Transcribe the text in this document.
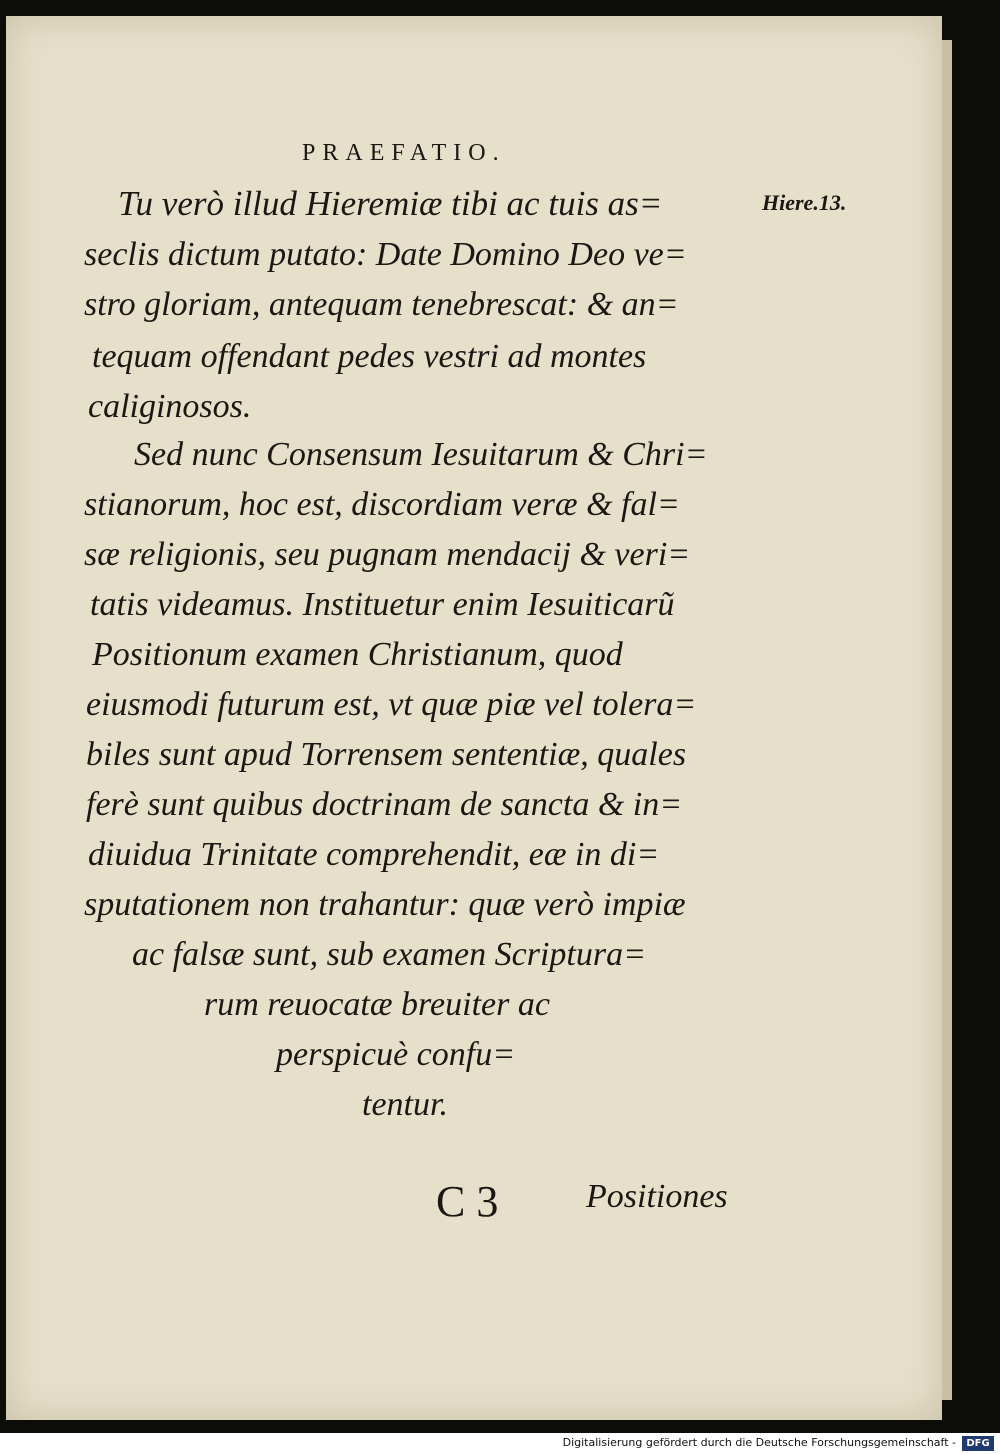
PRAEFATIO.
Hiere.13.
Tu verò illud Hieremiæ tibi ac tuis as=
seclis dictum putato: Date Domino Deo ve=
stro gloriam, antequam tenebrescat: & an=
tequam offendant pedes vestri ad montes
caliginosos.
Sed nunc Consensum Iesuitarum & Chri=
stianorum, hoc est, discordiam veræ & fal=
sæ religionis, seu pugnam mendacij & veri=
tatis videamus. Instituetur enim Iesuiticarũ
Positionum examen Christianum, quod
eiusmodi futurum est, vt quæ piæ vel tolera=
biles sunt apud Torrensem sententiæ, quales
ferè sunt quibus doctrinam de sancta & in=
diuidua Trinitate comprehendit, eæ in di=
sputationem non trahantur: quæ verò impiæ
ac falsæ sunt, sub examen Scriptura=
rum reuocatæ breuiter ac
perspicuè confu=
tentur.
C 3	Positiones
Digitalisierung gefördert durch die Deutsche Forschungsgemeinschaft -	DFG
